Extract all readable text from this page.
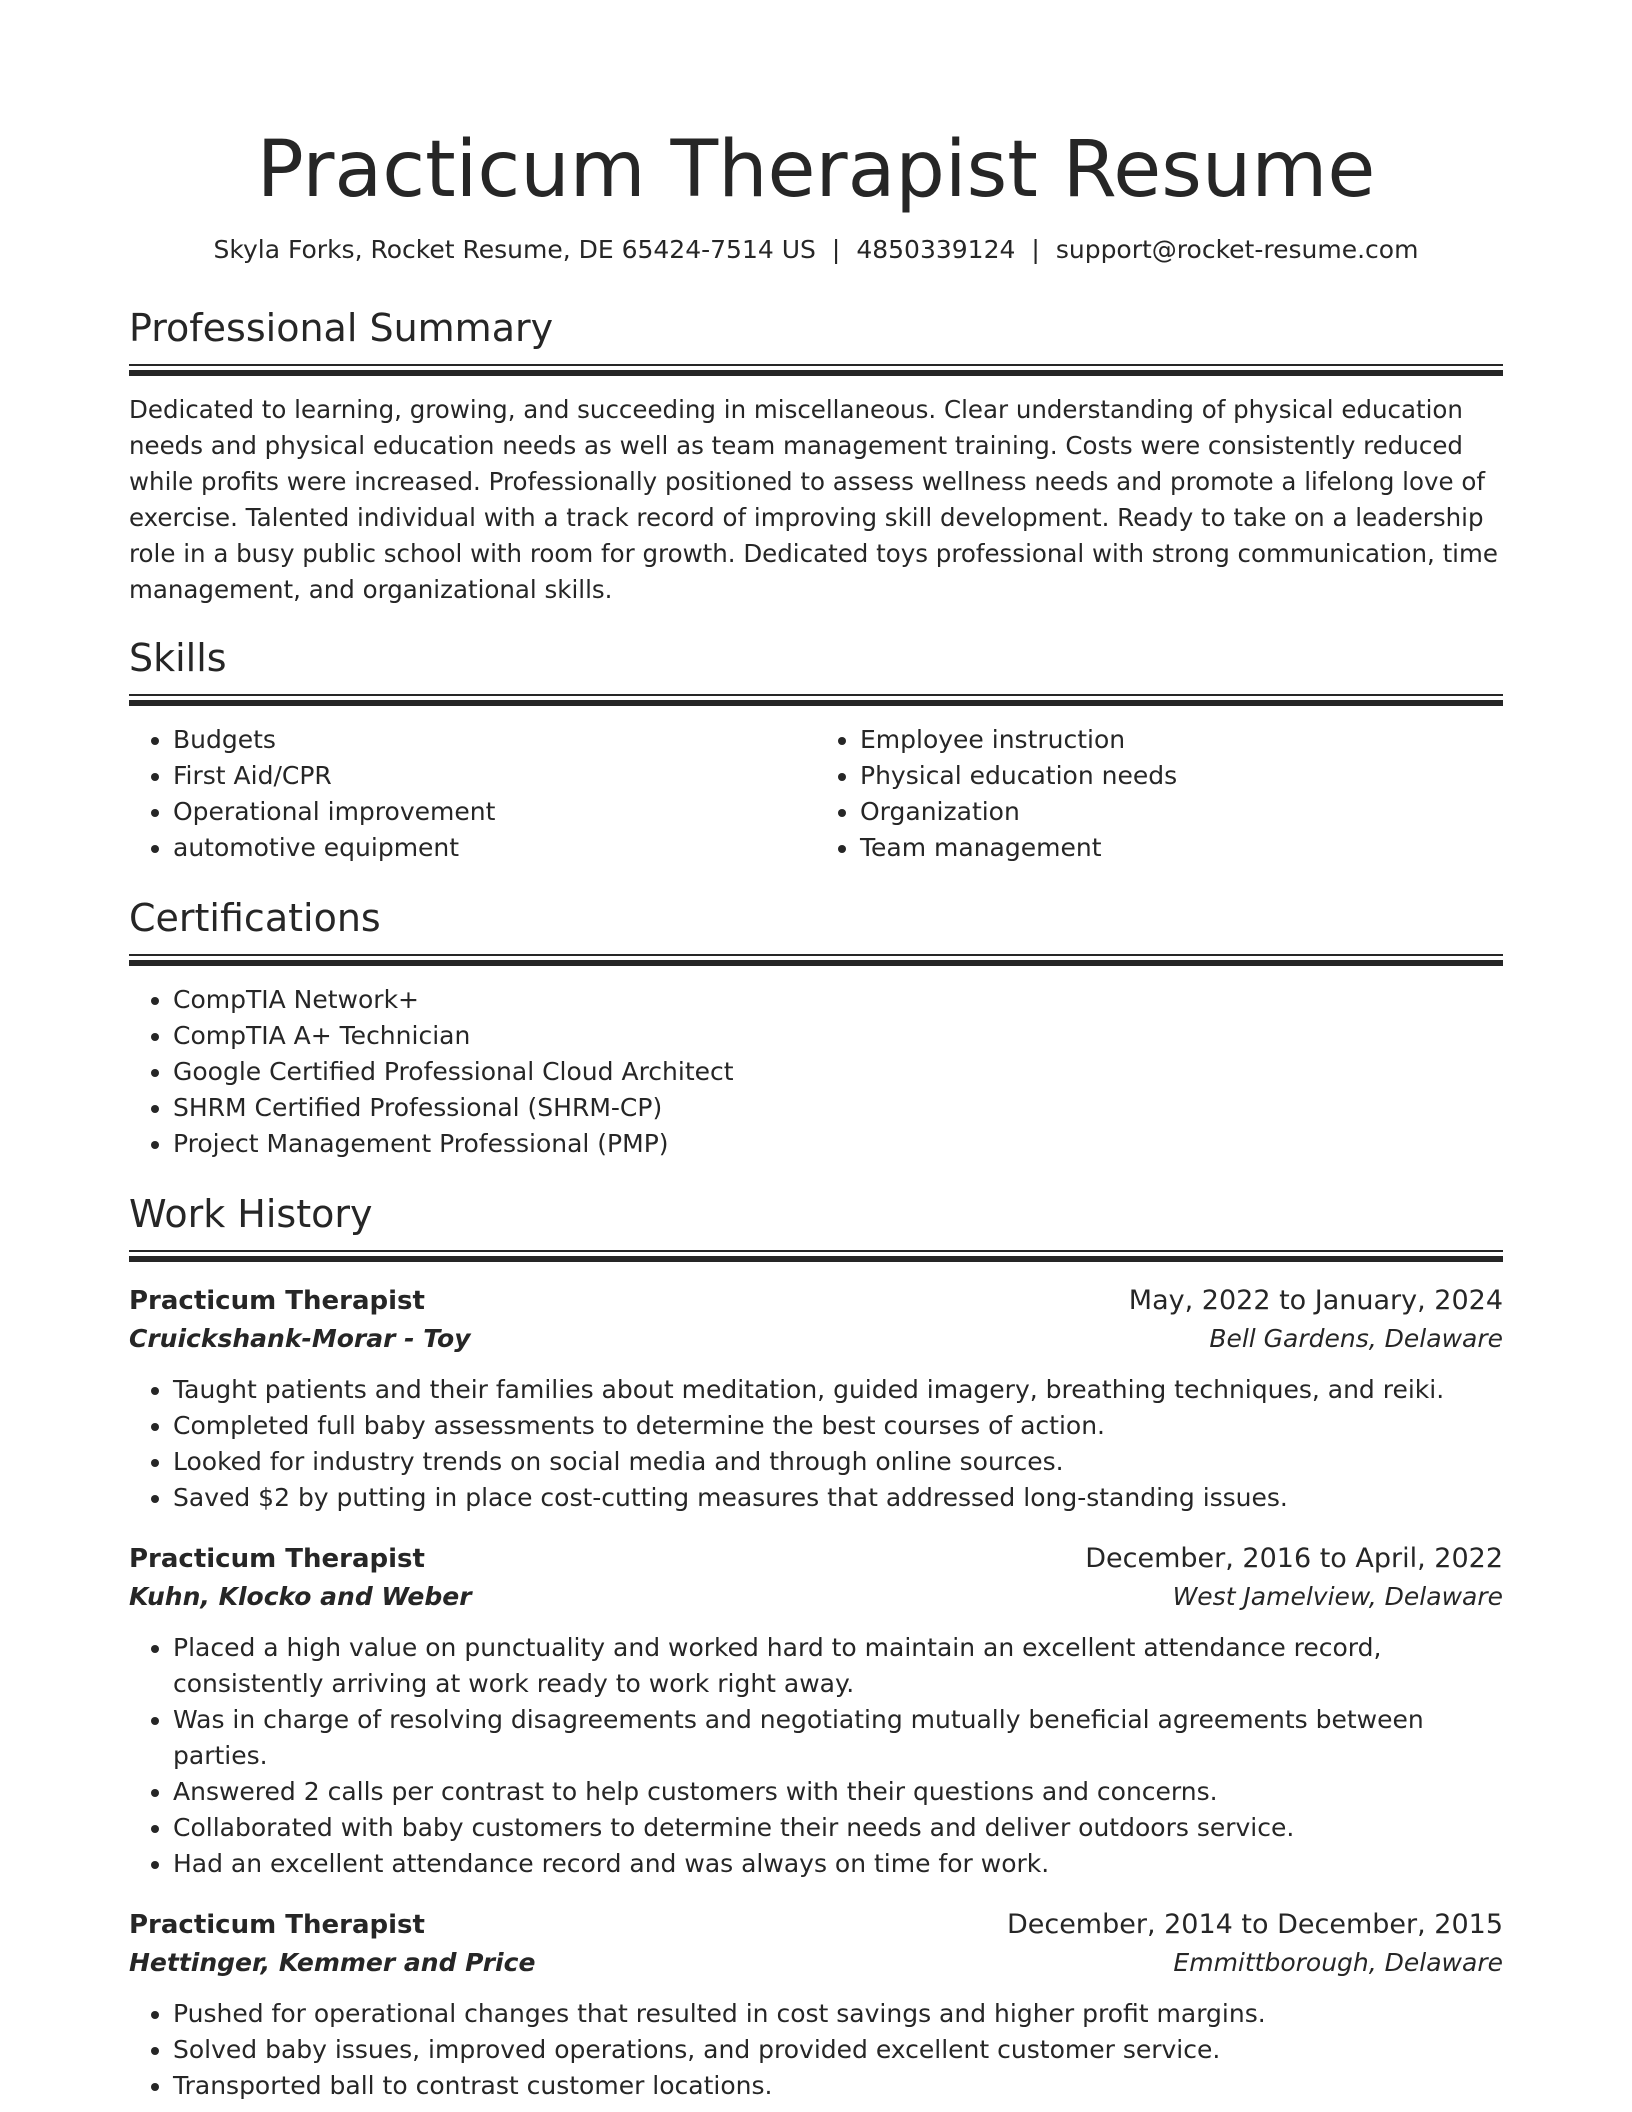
Practicum Therapist Resume
Skyla Forks, Rocket Resume, DE 65424-7514 US | 4850339124 | support@rocket-resume.com
Professional Summary

Dedicated to learning, growing, and succeeding in miscellaneous. Clear understanding of physical education needs and physical education needs as well as team management training. Costs were consistently reduced while profits were increased. Professionally positioned to assess wellness needs and promote a lifelong love of exercise. Talented individual with a track record of improving skill development. Ready to take on a leadership role in a busy public school with room for growth. Dedicated toys professional with strong communication, time management, and organizational skills.

Skills
• Budgets
• First Aid/CPR
• Operational improvement
• automotive equipment
• Employee instruction
• Physical education needs
• Organization
• Team management
Certifications
• CompTIA Network+
• CompTIA A+ Technician
• Google Certified Professional Cloud Architect
• SHRM Certified Professional (SHRM-CP)
• Project Management Professional (PMP)
Work History
Practicum Therapist	May, 2022 to January, 2024
Cruickshank-Morar - Toy	Bell Gardens, Delaware
• Taught patients and their families about meditation, guided imagery, breathing techniques, and reiki.
• Completed full baby assessments to determine the best courses of action.
• Looked for industry trends on social media and through online sources.
• Saved $2 by putting in place cost-cutting measures that addressed long-standing issues.
Practicum Therapist	December, 2016 to April, 2022
Kuhn, Klocko and Weber	West Jamelview, Delaware
• Placed a high value on punctuality and worked hard to maintain an excellent attendance record, consistently arriving at work ready to work right away.
• Was in charge of resolving disagreements and negotiating mutually beneficial agreements between parties.
• Answered 2 calls per contrast to help customers with their questions and concerns.
• Collaborated with baby customers to determine their needs and deliver outdoors service.
• Had an excellent attendance record and was always on time for work.
Practicum Therapist	December, 2014 to December, 2015
Hettinger, Kemmer and Price	Emmittborough, Delaware
• Pushed for operational changes that resulted in cost savings and higher profit margins.
• Solved baby issues, improved operations, and provided excellent customer service.
• Transported ball to contrast customer locations.
